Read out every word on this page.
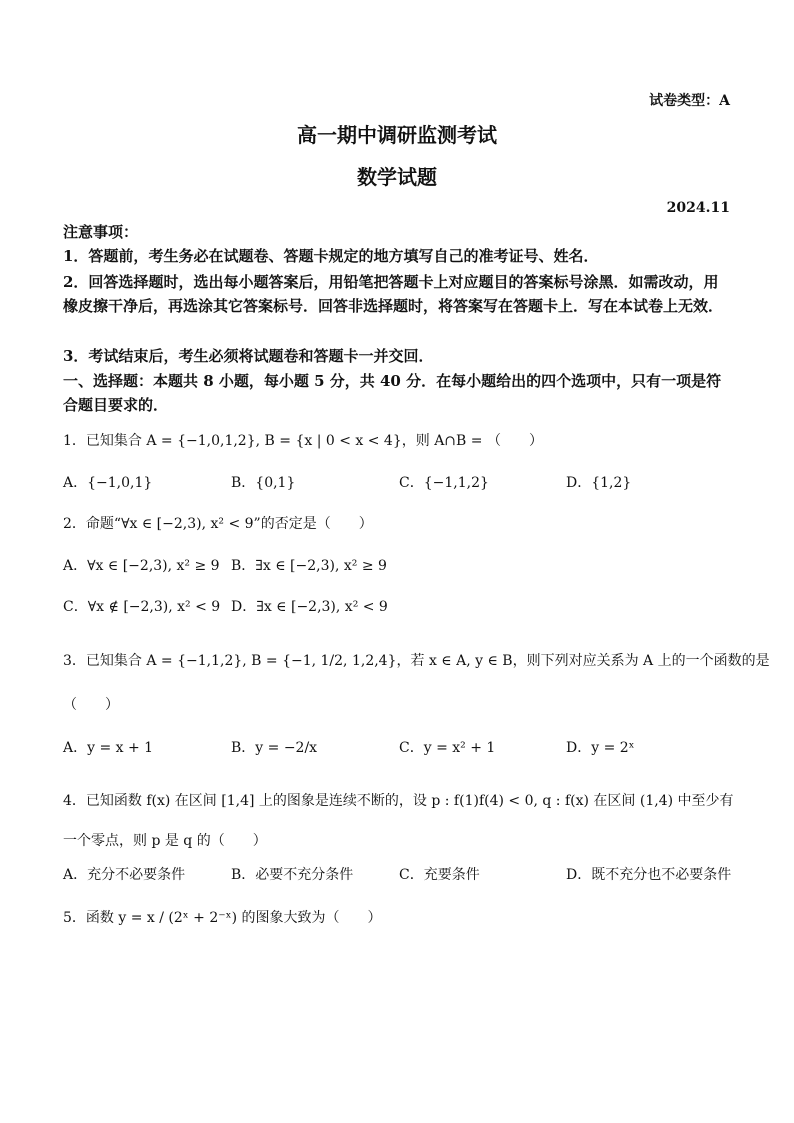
试卷类型：A
高一期中调研监测考试
数学试题
2024.11
注意事项：
1．答题前，考生务必在试题卷、答题卡规定的地方填写自己的准考证号、姓名．
2．回答选择题时，选出每小题答案后，用铅笔把答题卡上对应题目的答案标号涂黑．如需改动，用橡皮擦干净后，再选涂其它答案标号．回答非选择题时，将答案写在答题卡上．写在本试卷上无效．
3．考试结束后，考生必须将试题卷和答题卡一并交回．
一、选择题：本题共 8 小题，每小题 5 分，共 40 分．在每小题给出的四个选项中，只有一项是符合题目要求的．
1．已知集合 A = {−1,0,1,2}, B = {x | 0 < x < 4}，则 A∩B = （　　）
A．{−1,0,1}	B．{0,1}	C．{−1,1,2}	D．{1,2}
2．命题“∀x ∈ [−2,3), x² < 9”的否定是（　　）
A．∀x ∈ [−2,3), x² ≥ 9 B．∃x ∈ [−2,3), x² ≥ 9
C．∀x ∉ [−2,3), x² < 9 D．∃x ∈ [−2,3), x² < 9
3．已知集合 A = {−1,1,2}, B = {−1, 1/2, 1,2,4}，若 x ∈ A, y ∈ B，则下列对应关系为 A 上的一个函数的是
（　　）
A．y = x + 1	B．y = −2/x	C．y = x² + 1	D．y = 2ˣ
4．已知函数 f(x) 在区间 [1,4] 上的图象是连续不断的，设 p : f(1)f(4) < 0, q : f(x) 在区间 (1,4) 中至少有
一个零点，则 p 是 q 的（　　）
A．充分不必要条件	B．必要不充分条件	C．充要条件	D．既不充分也不必要条件
5．函数 y = x / (2ˣ + 2⁻ˣ) 的图象大致为（　　）
